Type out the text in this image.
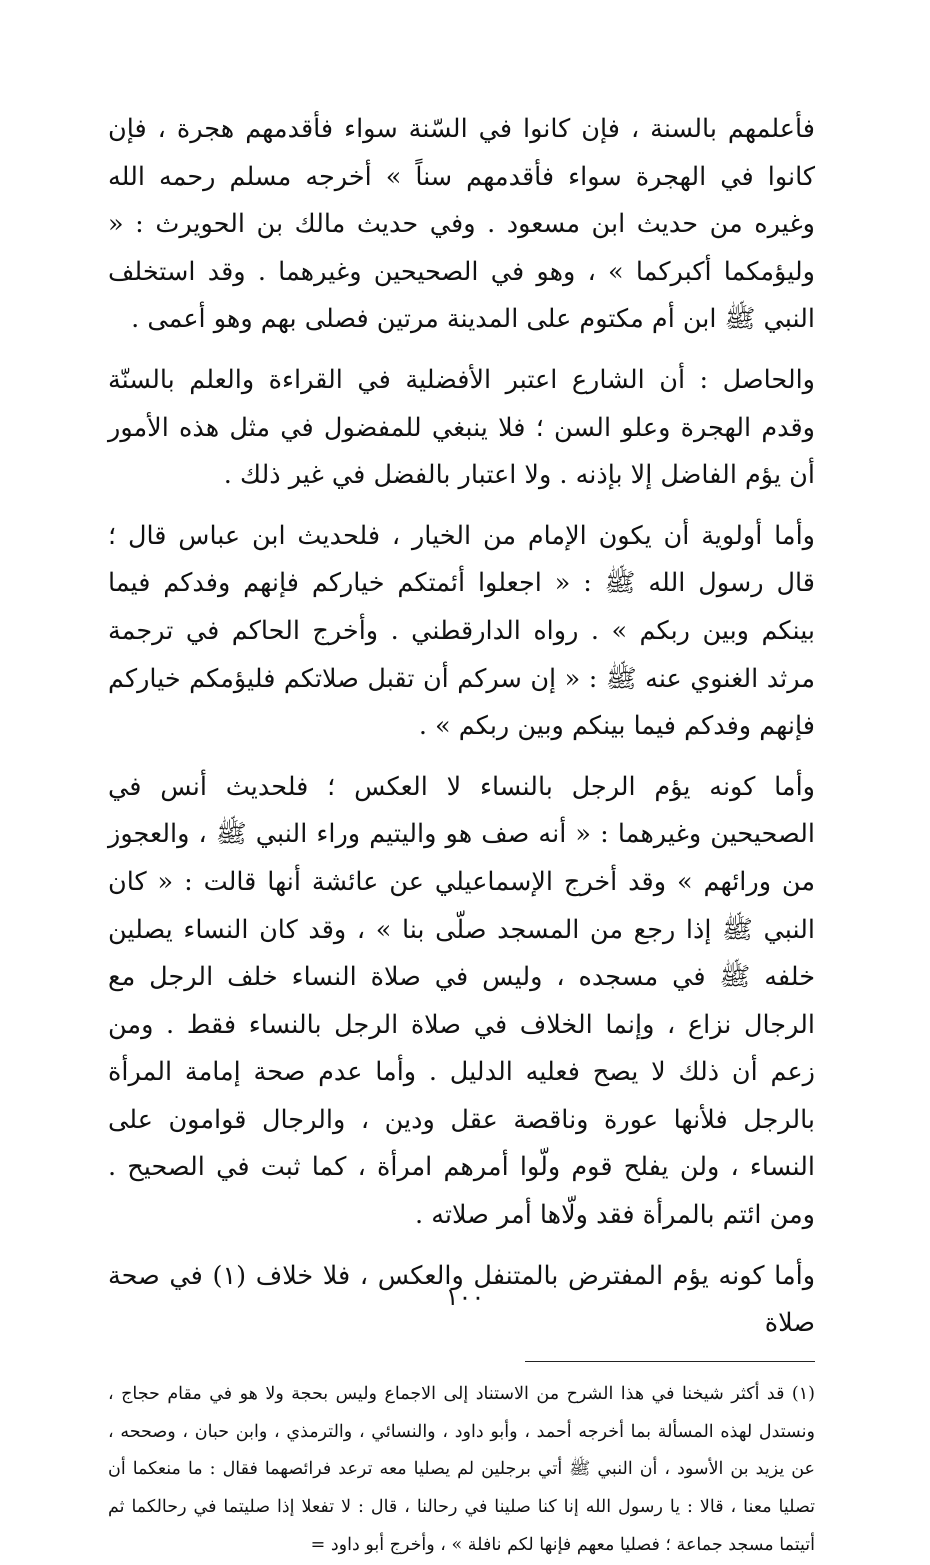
فأعلمهم بالسنة ، فإن كانوا في السّنة سواء فأقدمهم هجرة ، فإن كانوا في الهجرة سواء فأقدمهم سناً » أخرجه مسلم رحمه الله وغيره من حديث ابن مسعود . وفي حديث مالك بن الحويرث : « وليؤمكما أكبركما » ، وهو في الصحيحين وغيرهما . وقد استخلف النبي ﷺ ابن أم مكتوم على المدينة مرتين فصلى بهم وهو أعمى .

والحاصل : أن الشارع اعتبر الأفضلية في القراءة والعلم بالسنّة وقدم الهجرة وعلو السن ؛ فلا ينبغي للمفضول في مثل هذه الأمور أن يؤم الفاضل إلا بإذنه . ولا اعتبار بالفضل في غير ذلك .

وأما أولوية أن يكون الإمام من الخيار ، فلحديث ابن عباس قال ؛ قال رسول الله ﷺ : « اجعلوا أئمتكم خياركم فإنهم وفدكم فيما بينكم وبين ربكم » . رواه الدارقطني . وأخرج الحاكم في ترجمة مرثد الغنوي عنه ﷺ : « إن سركم أن تقبل صلاتكم فليؤمكم خياركم فإنهم وفدكم فيما بينكم وبين ربكم » .

وأما كونه يؤم الرجل بالنساء لا العكس ؛ فلحديث أنس في الصحيحين وغيرهما : « أنه صف هو واليتيم وراء النبي ﷺ ، والعجوز من ورائهم » وقد أخرج الإسماعيلي عن عائشة أنها قالت : « كان النبي ﷺ إذا رجع من المسجد صلّى بنا » ، وقد كان النساء يصلين خلفه ﷺ في مسجده ، وليس في صلاة النساء خلف الرجل مع الرجال نزاع ، وإنما الخلاف في صلاة الرجل بالنساء فقط . ومن زعم أن ذلك لا يصح فعليه الدليل . وأما عدم صحة إمامة المرأة بالرجل فلأنها عورة وناقصة عقل ودين ، والرجال قوامون على النساء ، ولن يفلح قوم ولّوا أمرهم امرأة ، كما ثبت في الصحيح . ومن ائتم بالمرأة فقد ولّاها أمر صلاته .

وأما كونه يؤم المفترض بالمتنفل والعكس ، فلا خلاف (١) في صحة صلاة

(١) قد أكثر شيخنا في هذا الشرح من الاستناد إلى الاجماع وليس بحجة ولا هو في مقام حجاج ، ونستدل لهذه المسألة بما أخرجه أحمد ، وأبو داود ، والنسائي ، والترمذي ، وابن حبان ، وصححه ، عن يزيد بن الأسود ، أن النبي ﷺ أتي برجلين لم يصليا معه ترعد فرائصهما فقال : ما منعكما أن تصليا معنا ، قالا : يا رسول الله إنا كنا صلينا في رحالنا ، قال : لا تفعلا إذا صليتما في رحالكما ثم أتيتما مسجد جماعة ؛ فصليا معهم فإنها لكم نافلة » ، وأخرج أبو داود =

١٠٠
